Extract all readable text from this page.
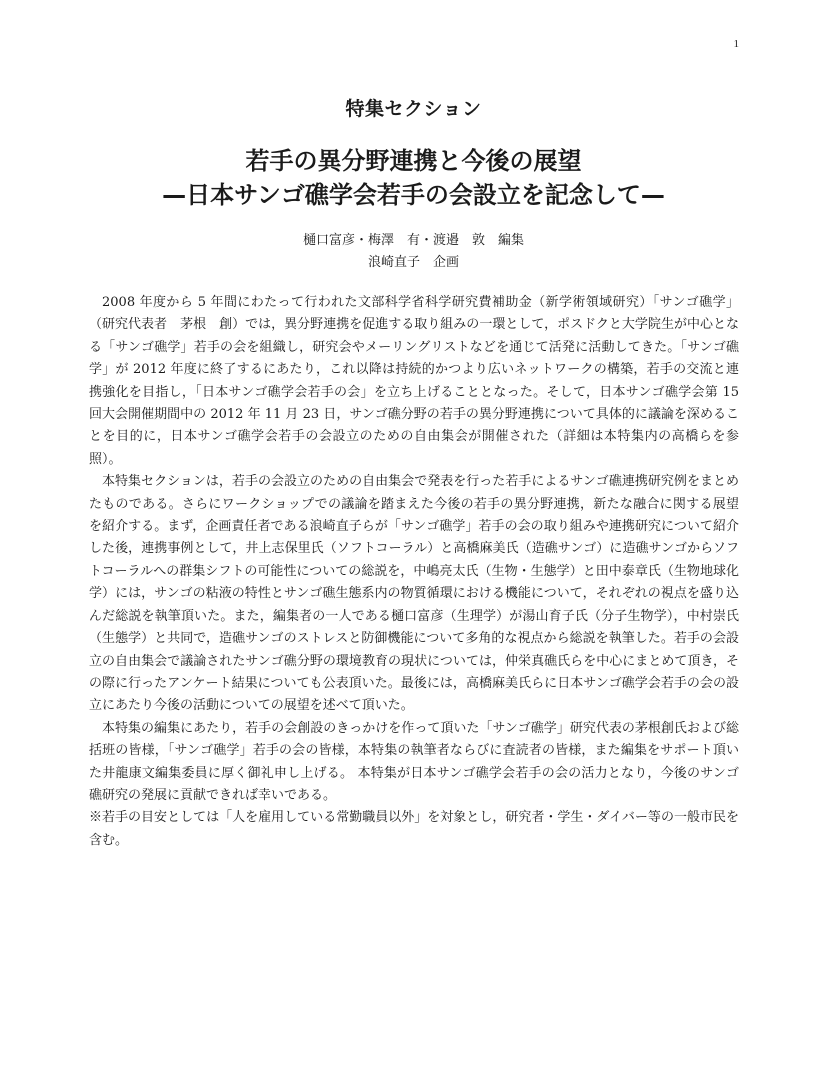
1
特集セクション
若手の異分野連携と今後の展望
—日本サンゴ礁学会若手の会設立を記念して—
樋口富彦・梅澤　有・渡邉　敦　編集
浪崎直子　企画

2008 年度から 5 年間にわたって行われた文部科学省科学研究費補助金（新学術領域研究）「サンゴ礁学」（研究代表者　茅根　創）では，異分野連携を促進する取り組みの一環として，ポスドクと大学院生が中心となる「サンゴ礁学」若手の会を組織し，研究会やメーリングリストなどを通じて活発に活動してきた。「サンゴ礁学」が 2012 年度に終了するにあたり，これ以降は持続的かつより広いネットワークの構築，若手の交流と連携強化を目指し，「日本サンゴ礁学会若手の会」を立ち上げることとなった。そして，日本サンゴ礁学会第 15 回大会開催期間中の 2012 年 11 月 23 日，サンゴ礁分野の若手の異分野連携について具体的に議論を深めることを目的に，日本サンゴ礁学会若手の会設立のための自由集会が開催された（詳細は本特集内の高橋らを参照）。

本特集セクションは，若手の会設立のための自由集会で発表を行った若手によるサンゴ礁連携研究例をまとめたものである。さらにワークショップでの議論を踏まえた今後の若手の異分野連携，新たな融合に関する展望を紹介する。まず，企画責任者である浪崎直子らが「サンゴ礁学」若手の会の取り組みや連携研究について紹介した後，連携事例として，井上志保里氏（ソフトコーラル）と高橋麻美氏（造礁サンゴ）に造礁サンゴからソフトコーラルへの群集シフトの可能性についての総説を，中嶋亮太氏（生物・生態学）と田中泰章氏（生物地球化学）には，サンゴの粘液の特性とサンゴ礁生態系内の物質循環における機能について，それぞれの視点を盛り込んだ総説を執筆頂いた。また，編集者の一人である樋口富彦（生理学）が湯山育子氏（分子生物学），中村崇氏（生態学）と共同で，造礁サンゴのストレスと防御機能について多角的な視点から総説を執筆した。若手の会設立の自由集会で議論されたサンゴ礁分野の環境教育の現状については，仲栄真礁氏らを中心にまとめて頂き，その際に行ったアンケート結果についても公表頂いた。最後には，高橋麻美氏らに日本サンゴ礁学会若手の会の設立にあたり今後の活動についての展望を述べて頂いた。

本特集の編集にあたり，若手の会創設のきっかけを作って頂いた「サンゴ礁学」研究代表の茅根創氏および総括班の皆様，「サンゴ礁学」若手の会の皆様，本特集の執筆者ならびに査読者の皆様，また編集をサポート頂いた井龍康文編集委員に厚く御礼申し上げる。 本特集が日本サンゴ礁学会若手の会の活力となり，今後のサンゴ礁研究の発展に貢献できれば幸いである。

※若手の目安としては「人を雇用している常勤職員以外」を対象とし，研究者・学生・ダイバー等の一般市民を含む。
